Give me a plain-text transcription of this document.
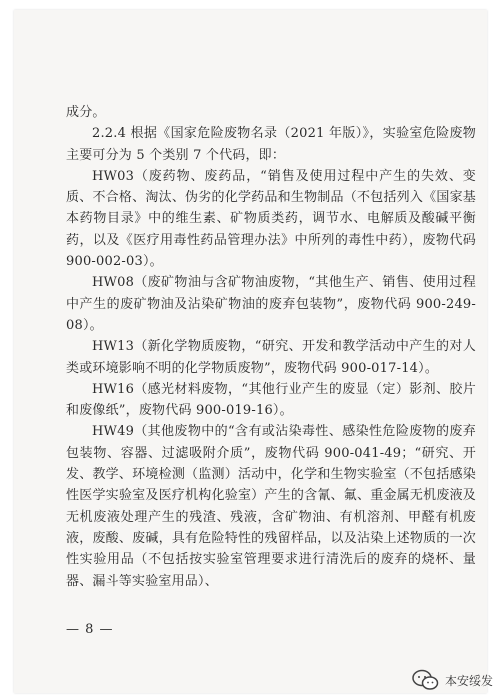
成分。

2.2.4 根据《国家危险废物名录（2021 年版）》，实验室危险废物主要可分为 5 个类别 7 个代码，即：

HW03（废药物、废药品，“销售及使用过程中产生的失效、变质、不合格、淘汰、伪劣的化学药品和生物制品（不包括列入《国家基本药物目录》中的维生素、矿物质类药，调节水、电解质及酸碱平衡药，以及《医疗用毒性药品管理办法》中所列的毒性中药），废物代码 900-002-03）。

HW08（废矿物油与含矿物油废物，“其他生产、销售、使用过程中产生的废矿物油及沾染矿物油的废弃包装物”，废物代码 900-249-08）。

HW13（新化学物质废物，“研究、开发和教学活动中产生的对人类或环境影响不明的化学物质废物”，废物代码 900-017-14）。

HW16（感光材料废物，“其他行业产生的废显（定）影剂、胶片和废像纸”，废物代码 900-019-16）。

HW49（其他废物中的“含有或沾染毒性、感染性危险废物的废弃包装物、容器、过滤吸附介质”，废物代码 900-041-49；“研究、开发、教学、环境检测（监测）活动中，化学和生物实验室（不包括感染性医学实验室及医疗机构化验室）产生的含氰、氟、重金属无机废液及无机废液处理产生的残渣、残液，含矿物油、有机溶剂、甲醛有机废液，废酸、废碱，具有危险特性的残留样品，以及沾染上述物质的一次性实验用品（不包括按实验室管理要求进行清洗后的废弃的烧杯、量器、漏斗等实验室用品）、

— 8 —
本安绥发
